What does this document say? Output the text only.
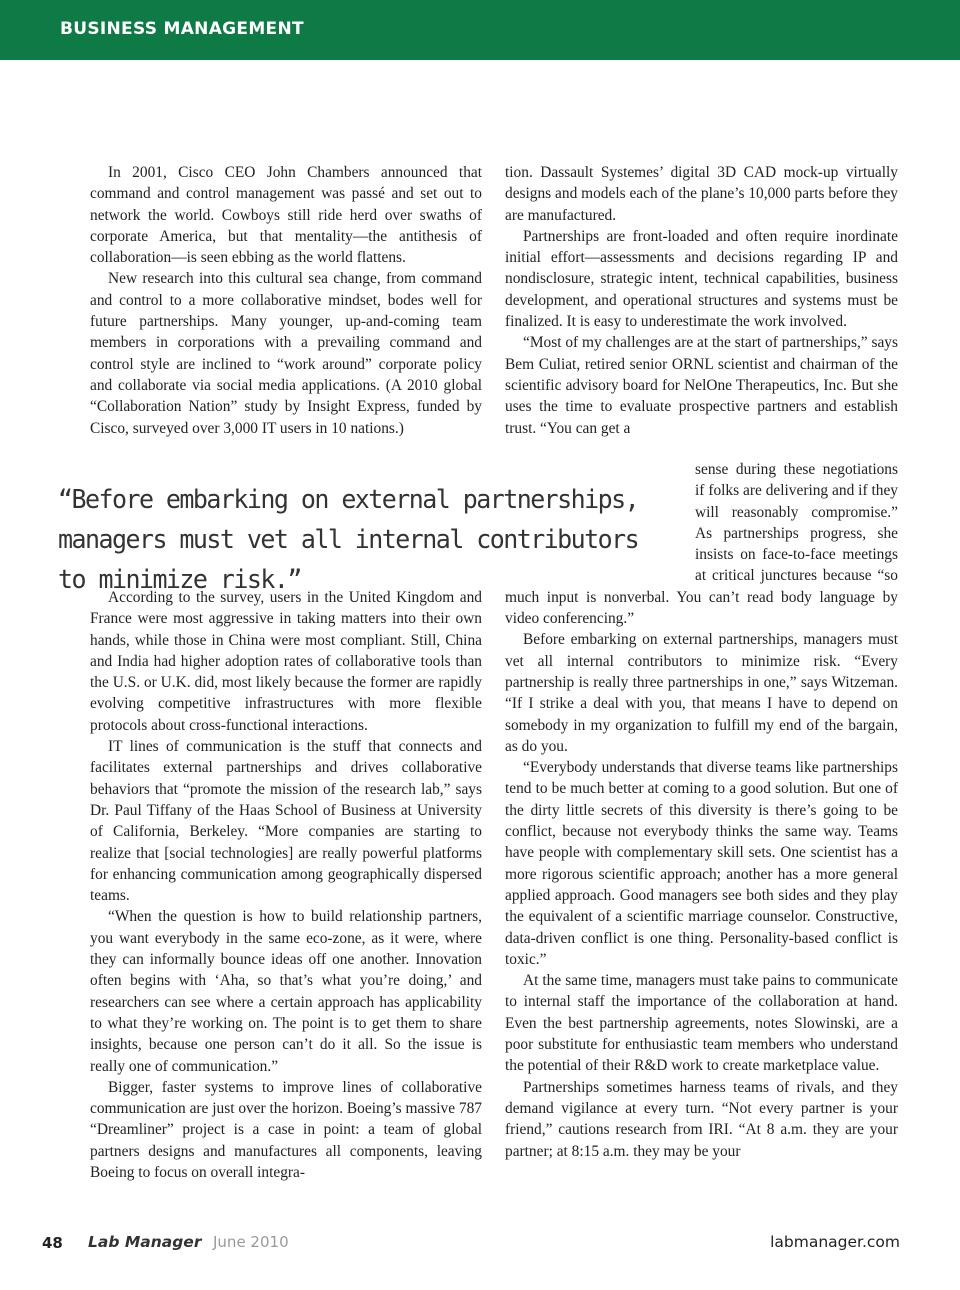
BUSINESS MANAGEMENT

In 2001, Cisco CEO John Chambers announced that command and control management was passé and set out to network the world. Cowboys still ride herd over swaths of corporate America, but that mentality—the antithesis of collaboration—is seen ebbing as the world flattens.

New research into this cultural sea change, from command and control to a more collaborative mindset, bodes well for future partnerships. Many younger, up-and-coming team members in corporations with a prevailing command and control style are inclined to “work around” corporate policy and collaborate via social media applications. (A 2010 global “Collaboration Nation” study by Insight Express, funded by Cisco, surveyed over 3,000 IT users in 10 nations.)

“Before embarking on external partnerships, managers must vet all internal contributors to minimize risk.”

According to the survey, users in the United Kingdom and France were most aggressive in taking matters into their own hands, while those in China were most compliant. Still, China and India had higher adoption rates of collaborative tools than the U.S. or U.K. did, most likely because the former are rapidly evolving competitive infrastructures with more flexible protocols about cross-functional interactions.

IT lines of communication is the stuff that connects and facilitates external partnerships and drives collaborative behaviors that “promote the mission of the research lab,” says Dr. Paul Tiffany of the Haas School of Business at University of California, Berkeley. “More companies are starting to realize that [social technologies] are really powerful platforms for enhancing communication among geographically dispersed teams.

“When the question is how to build relationship partners, you want everybody in the same eco-zone, as it were, where they can informally bounce ideas off one another. Innovation often begins with ‘Aha, so that’s what you’re doing,’ and researchers can see where a certain approach has applicability to what they’re working on. The point is to get them to share insights, because one person can’t do it all. So the issue is really one of communication.”

Bigger, faster systems to improve lines of collaborative communication are just over the horizon. Boeing’s massive 787 “Dreamliner” project is a case in point: a team of global partners designs and manufactures all components, leaving Boeing to focus on overall integra-

tion. Dassault Systemes’ digital 3D CAD mock-up virtually designs and models each of the plane’s 10,000 parts before they are manufactured.

Partnerships are front-loaded and often require inordinate initial effort—assessments and decisions regarding IP and nondisclosure, strategic intent, technical capabilities, business development, and operational structures and systems must be finalized. It is easy to underestimate the work involved.

“Most of my challenges are at the start of partnerships,” says Bem Culiat, retired senior ORNL scientist and chairman of the scientific advisory board for NelOne Therapeutics, Inc. But she uses the time to evaluate prospective partners and establish trust. “You can get a

sense during these negotiations if folks are delivering and if they will reasonably compromise.” As partnerships progress, she insists on face-to-face meetings at critical junctures because “so much input is nonverbal. You can’t read body language by video conferencing.”

Before embarking on external partnerships, managers must vet all internal contributors to minimize risk. “Every partnership is really three partnerships in one,” says Witzeman. “If I strike a deal with you, that means I have to depend on somebody in my organization to fulfill my end of the bargain, as do you.

“Everybody understands that diverse teams like partnerships tend to be much better at coming to a good solution. But one of the dirty little secrets of this diversity is there’s going to be conflict, because not everybody thinks the same way. Teams have people with complementary skill sets. One scientist has a more rigorous scientific approach; another has a more general applied approach. Good managers see both sides and they play the equivalent of a scientific marriage counselor. Constructive, data-driven conflict is one thing. Personality-based conflict is toxic.”

At the same time, managers must take pains to communicate to internal staff the importance of the collaboration at hand. Even the best partnership agreements, notes Slowinski, are a poor substitute for enthusiastic team members who understand the potential of their R&D work to create marketplace value.

Partnerships sometimes harness teams of rivals, and they demand vigilance at every turn. “Not every partner is your friend,” cautions research from IRI. “At 8 a.m. they are your partner; at 8:15 a.m. they may be your

48 Lab Manager June 2010	labmanager.com
